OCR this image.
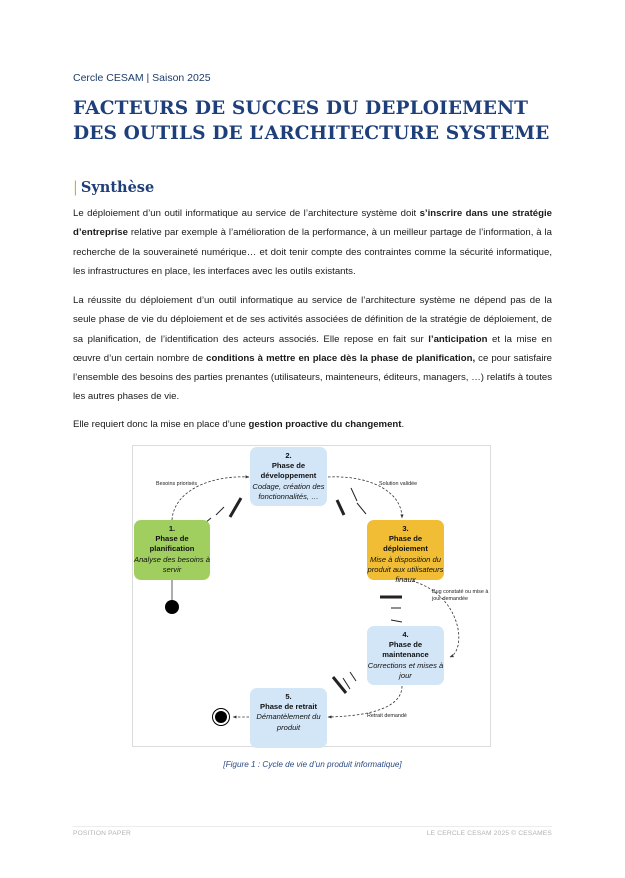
Cercle CESAM | Saison 2025
FACTEURS DE SUCCES DU DEPLOIEMENT DES OUTILS DE L’ARCHITECTURE SYSTEME
| Synthèse

Le déploiement d’un outil informatique au service de l’architecture système doit s’inscrire dans une stratégie d’entreprise relative par exemple à l’amélioration de la performance, à un meilleur partage de l’information, à la recherche de la souveraineté numérique… et doit tenir compte des contraintes comme la sécurité informatique, les infrastructures en place, les interfaces avec les outils existants.

La réussite du déploiement d’un outil informatique au service de l’architecture système ne dépend pas de la seule phase de vie du déploiement et de ses activités associées de définition de la stratégie de déploiement, de sa planification, de l’identification des acteurs associés. Elle repose en fait sur l’anticipation et la mise en œuvre d’un certain nombre de conditions à mettre en place dès la phase de planification, ce pour satisfaire l’ensemble des besoins des parties prenantes (utilisateurs, mainteneurs, éditeurs, managers, …) relatifs à toutes les autres phases de vie.

Elle requiert donc la mise en place d’une gestion proactive du changement.

1.
Phase de planification
Analyse des besoins à servir
2.
Phase de développement
Codage, création des fonctionnalités, …
3.
Phase de déploiement
Mise à disposition du produit aux utilisateurs finaux
4.
Phase de maintenance
Corrections et mises à jour
5.
Phase de retrait
Démantèlement du produit
Besoins priorisés	Solution validée
Bug constaté ou mise à jour demandée
Retrait demandé
[Figure 1 : Cycle de vie d’un produit informatique]
POSITION PAPER	LE CERCLE CESAM 2025 © CESAMES
